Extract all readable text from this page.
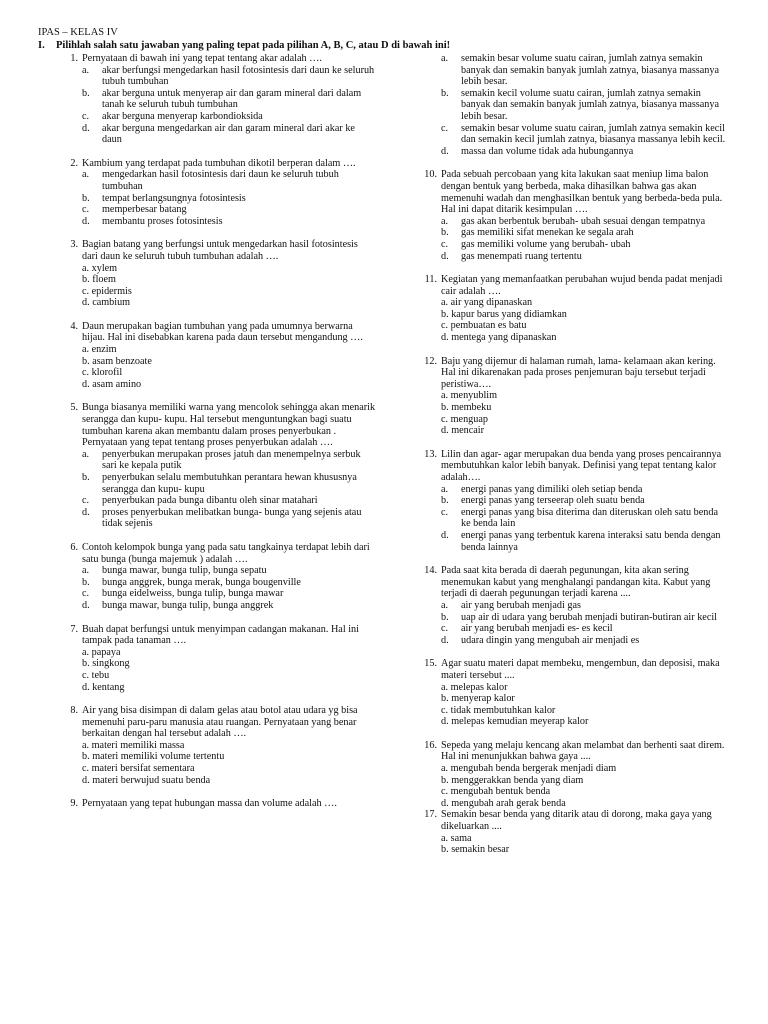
IPAS – KELAS IV
I. Pilihlah salah satu jawaban yang paling tepat pada pilihan A, B, C, atau D di bawah ini!
1. Pernyataan di bawah ini yang tepat tentang akar adalah ….
a. akar berfungsi mengedarkan hasil fotosintesis dari daun ke seluruh tubuh tumbuhan
b. akar berguna untuk menyerap air dan garam mineral dari dalam tanah ke seluruh tubuh tumbuhan
c. akar berguna menyerap karbondioksida
d. akar berguna mengedarkan air dan garam mineral dari akar ke daun
2. Kambium yang terdapat pada tumbuhan dikotil berperan dalam ….
a. mengedarkan hasil fotosintesis dari daun ke seluruh tubuh tumbuhan
b. tempat berlangsungnya fotosintesis
c. memperbesar batang
d. membantu proses fotosintesis
3. Bagian batang yang berfungsi untuk mengedarkan hasil fotosintesis dari daun ke seluruh tubuh tumbuhan adalah ….
a. xylem
b. floem
c. epidermis
d. cambium
4. Daun merupakan bagian tumbuhan yang pada umumnya berwarna hijau. Hal ini disebabkan karena pada daun tersebut mengandung ….
a. enzim
b. asam benzoate
c. klorofil
d. asam amino
5. Bunga biasanya memiliki warna yang mencolok sehingga akan menarik serangga dan kupu- kupu. Hal tersebut menguntungkan bagi suatu tumbuhan karena akan membantu dalam proses penyerbukan . Pernyataan yang tepat tentang proses penyerbukan adalah ….
a. penyerbukan merupakan proses jatuh dan menempelnya serbuk sari ke kepala putik
b. penyerbukan selalu membutuhkan perantara hewan khususnya serangga dan kupu- kupu
c. penyerbukan pada bunga dibantu oleh sinar matahari
d. proses penyerbukan melibatkan bunga- bunga yang sejenis atau tidak sejenis
6. Contoh kelompok bunga yang pada satu tangkainya terdapat lebih dari satu bunga (bunga majemuk ) adalah ….
a. bunga mawar, bunga tulip, bunga sepatu
b. bunga anggrek, bunga merak, bunga bougenville
c. bunga eidelweiss, bunga tulip, bunga mawar
d. bunga mawar, bunga tulip, bunga anggrek
7. Buah dapat berfungsi untuk menyimpan cadangan makanan. Hal ini tampak pada tanaman ….
a. papaya
b. singkong
c. tebu
d. kentang
8. Air yang bisa disimpan di dalam gelas atau botol atau udara yg bisa memenuhi paru-paru manusia atau ruangan. Pernyataan yang benar berkaitan dengan hal tersebut adalah ….
a. materi memiliki massa
b. materi memiliki volume tertentu
c. materi bersifat sementara
d. materi berwujud suatu benda
9. Pernyataan yang tepat hubungan massa dan volume adalah ….
a. semakin besar volume suatu cairan, jumlah zatnya semakin banyak dan semakin banyak jumlah zatnya, biasanya massanya lebih besar.
b. semakin kecil volume suatu cairan, jumlah zatnya semakin banyak dan semakin banyak jumlah zatnya, biasanya massanya lebih besar.
c. semakin besar volume suatu cairan, jumlah zatnya semakin kecil dan semakin kecil jumlah zatnya, biasanya massanya lebih kecil.
d. massa dan volume tidak ada hubungannya
10. Pada sebuah percobaan yang kita lakukan saat meniup lima balon dengan bentuk yang berbeda, maka dihasilkan bahwa gas akan memenuhi wadah dan menghasilkan bentuk yang berbeda-beda pula. Hal ini dapat ditarik kesimpulan ….
a. gas akan berbentuk berubah- ubah sesuai dengan tempatnya
b. gas memiliki sifat menekan ke segala arah
c. gas memiliki volume yang berubah- ubah
d. gas menempati ruang tertentu
11. Kegiatan yang memanfaatkan perubahan wujud benda padat menjadi cair adalah ….
a. air yang dipanaskan
b. kapur barus yang didiamkan
c. pembuatan es batu
d. mentega yang dipanaskan
12. Baju yang dijemur di halaman rumah, lama- kelamaan akan kering. Hal ini dikarenakan pada proses penjemuran baju tersebut terjadi peristiwa….
a. menyublim
b. membeku
c. menguap
d. mencair
13. Lilin dan agar- agar merupakan dua benda yang proses pencairannya membutuhkan kalor lebih banyak. Definisi yang tepat tentang kalor adalah….
a. energi panas yang dimiliki oleh setiap benda
b. energi panas yang terseerap oleh suatu benda
c. energi panas yang bisa diterima dan diteruskan oleh satu benda ke benda lain
d. energi panas yang terbentuk karena interaksi satu benda dengan benda lainnya
14. Pada saat kita berada di daerah pegunungan, kita akan sering menemukan kabut yang menghalangi pandangan kita. Kabut yang terjadi di daerah pegunungan terjadi karena ....
a. air yang berubah menjadi gas
b. uap air di udara yang berubah menjadi butiran-butiran air kecil
c. air yang berubah menjadi es- es kecil
d. udara dingin yang mengubah air menjadi es
15. Agar suatu materi dapat membeku, mengembun, dan deposisi, maka materi tersebut ....
a. melepas kalor
b. menyerap kalor
c. tidak membutuhkan kalor
d. melepas kemudian meyerap kalor
16. Sepeda yang melaju kencang akan melambat dan berhenti saat direm. Hal ini menunjukkan bahwa gaya ....
a. mengubah benda bergerak menjadi diam
b. menggerakkan benda yang diam
c. mengubah bentuk benda
d. mengubah arah gerak benda
17. Semakin besar benda yang ditarik atau di dorong, maka gaya yang dikeluarkan ....
a. sama
b. semakin besar
